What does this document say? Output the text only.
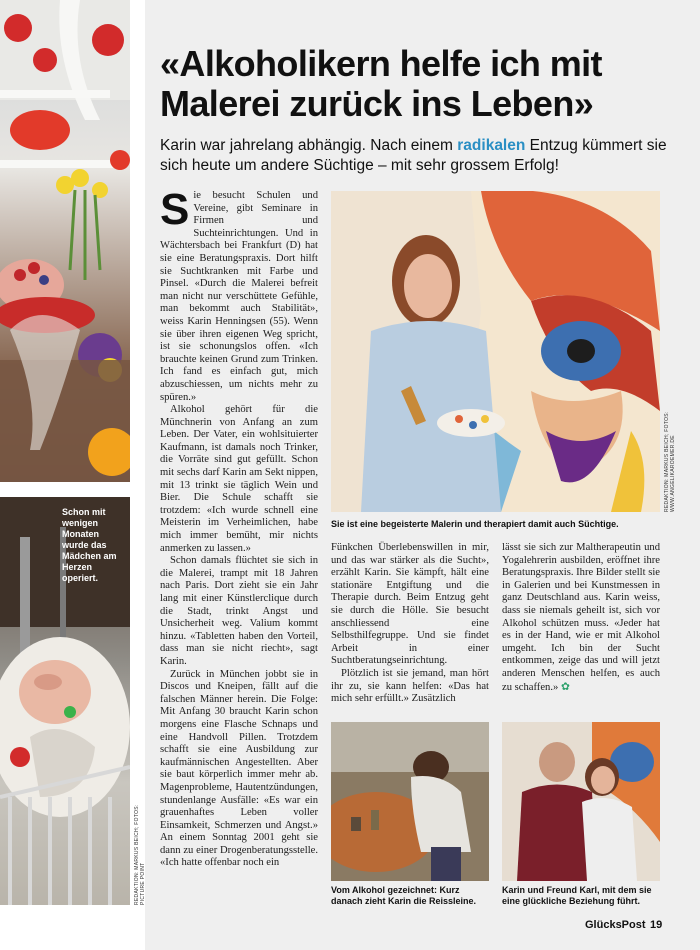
Schon mit wenigen Monaten wurde das Mädchen am Herzen operiert.
REDAKTION: MARKUS BEICH; FOTOS: PICTURE POINT
«Alkoholikern helfe ich mit Malerei zurück ins Leben»
Karin war jahrelang abhängig. Nach einem radikalen Entzug kümmert sie sich heute um andere Süchtige – mit sehr grossem Erfolg!
S ie besucht Schulen und Vereine, gibt Seminare in Firmen und Suchteinrichtungen. Und in Wächtersbach bei Frankfurt (D) hat sie eine Beratungspraxis. Dort hilft sie Suchtkranken mit Farbe und Pinsel. «Durch die Malerei befreit man nicht nur verschüttete Gefühle, man bekommt auch Stabilität», weiss Karin Henningsen (55). Wenn sie über ihren eigenen Weg spricht, ist sie schonungslos offen. «Ich brauchte keinen Grund zum Trinken. Ich fand es einfach gut, mich abzuschiessen, um nichts mehr zu spüren.»

Alkohol gehört für die Münchnerin von Anfang an zum Leben. Der Vater, ein wohlsituierter Kaufmann, ist damals noch Trinker, die Vorräte sind gut gefüllt. Schon mit sechs darf Karin am Sekt nippen, mit 13 trinkt sie täglich Wein und Bier. Die Schule schafft sie trotzdem: «Ich wurde schnell eine Meisterin im Verheimlichen, habe mich immer bemüht, mir nichts anmerken zu lassen.»

Schon damals flüchtet sie sich in die Malerei, trampt mit 18 Jahren nach Paris. Dort zieht sie ein Jahr lang mit einer Künstlerclique durch die Stadt, trinkt Angst und Unsicherheit weg. Valium kommt hinzu. «Tabletten haben den Vorteil, dass man sie nicht riecht», sagt Karin.

Zurück in München jobbt sie in Discos und Kneipen, fällt auf die falschen Männer herein. Die Folge: Mit Anfang 30 braucht Karin schon morgens eine Flasche Schnaps und eine Handvoll Pillen. Trotzdem schafft sie eine Ausbildung zur kaufmännischen Angestellten. Aber sie baut körperlich immer mehr ab. Magenprobleme, Hautentzündungen, stundenlange Ausfälle: «Es war ein grauenhaftes Leben voller Einsamkeit, Schmerzen und Angst.» An einem Sonntag 2001 geht sie dann zu einer Drogenberatungsstelle. «Ich hatte offenbar noch ein

REDAKTION: MARKUS BEICH; FOTOS: WWW.ANGELIKAROEMER.DE
Sie ist eine begeisterte Malerin und therapiert damit auch Süchtige.

Fünkchen Überlebenswillen in mir, und das war stärker als die Sucht», erzählt Karin. Sie kämpft, hält eine stationäre Entgiftung und die Therapie durch. Beim Entzug geht sie durch die Hölle. Sie besucht anschliessend eine Selbsthilfegruppe. Und sie findet Arbeit in einer Suchtberatungseinrichtung.

Plötzlich ist sie jemand, man hört ihr zu, sie kann helfen: «Das hat mich sehr erfüllt.» Zusätzlich

lässt sie sich zur Maltherapeutin und Yogalehrerin ausbilden, eröffnet ihre Beratungspraxis. Ihre Bilder stellt sie in Galerien und bei Kunstmessen in ganz Deutschland aus. Karin weiss, dass sie niemals geheilt ist, sich vor Alkohol schützen muss. «Jeder hat es in der Hand, wie er mit Alkohol umgeht. Ich bin der Sucht entkommen, zeige das und will jetzt anderen Menschen helfen, es auch zu schaffen.» ✿

Vom Alkohol gezeichnet: Kurz danach zieht Karin die Reissleine.
Karin und Freund Karl, mit dem sie eine glückliche Beziehung führt.
GlücksPost 19
